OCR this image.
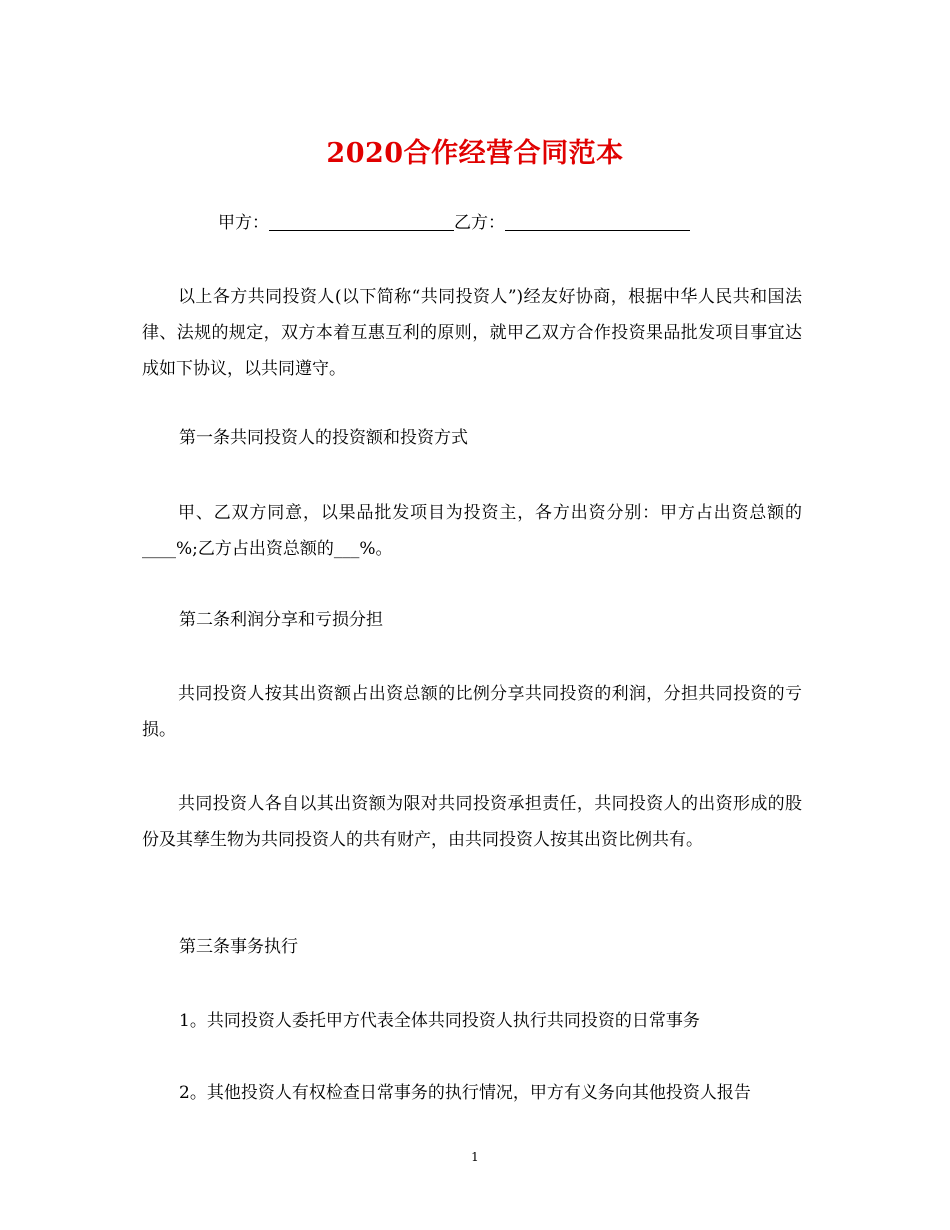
2020合作经营合同范本
甲方：	乙方：
以上各方共同投资人(以下简称“共同投资人”)经友好协商，根据中华人民共和国法律、法规的规定，双方本着互惠互利的原则，就甲乙双方合作投资果品批发项目事宜达成如下协议，以共同遵守。
第一条共同投资人的投资额和投资方式
甲、乙双方同意，以果品批发项目为投资主，各方出资分别：甲方占出资总额的____%;乙方占出资总额的___%。
第二条利润分享和亏损分担
共同投资人按其出资额占出资总额的比例分享共同投资的利润，分担共同投资的亏损。
共同投资人各自以其出资额为限对共同投资承担责任，共同投资人的出资形成的股份及其孳生物为共同投资人的共有财产，由共同投资人按其出资比例共有。
第三条事务执行
1。共同投资人委托甲方代表全体共同投资人执行共同投资的日常事务
2。其他投资人有权检查日常事务的执行情况，甲方有义务向其他投资人报告
1
